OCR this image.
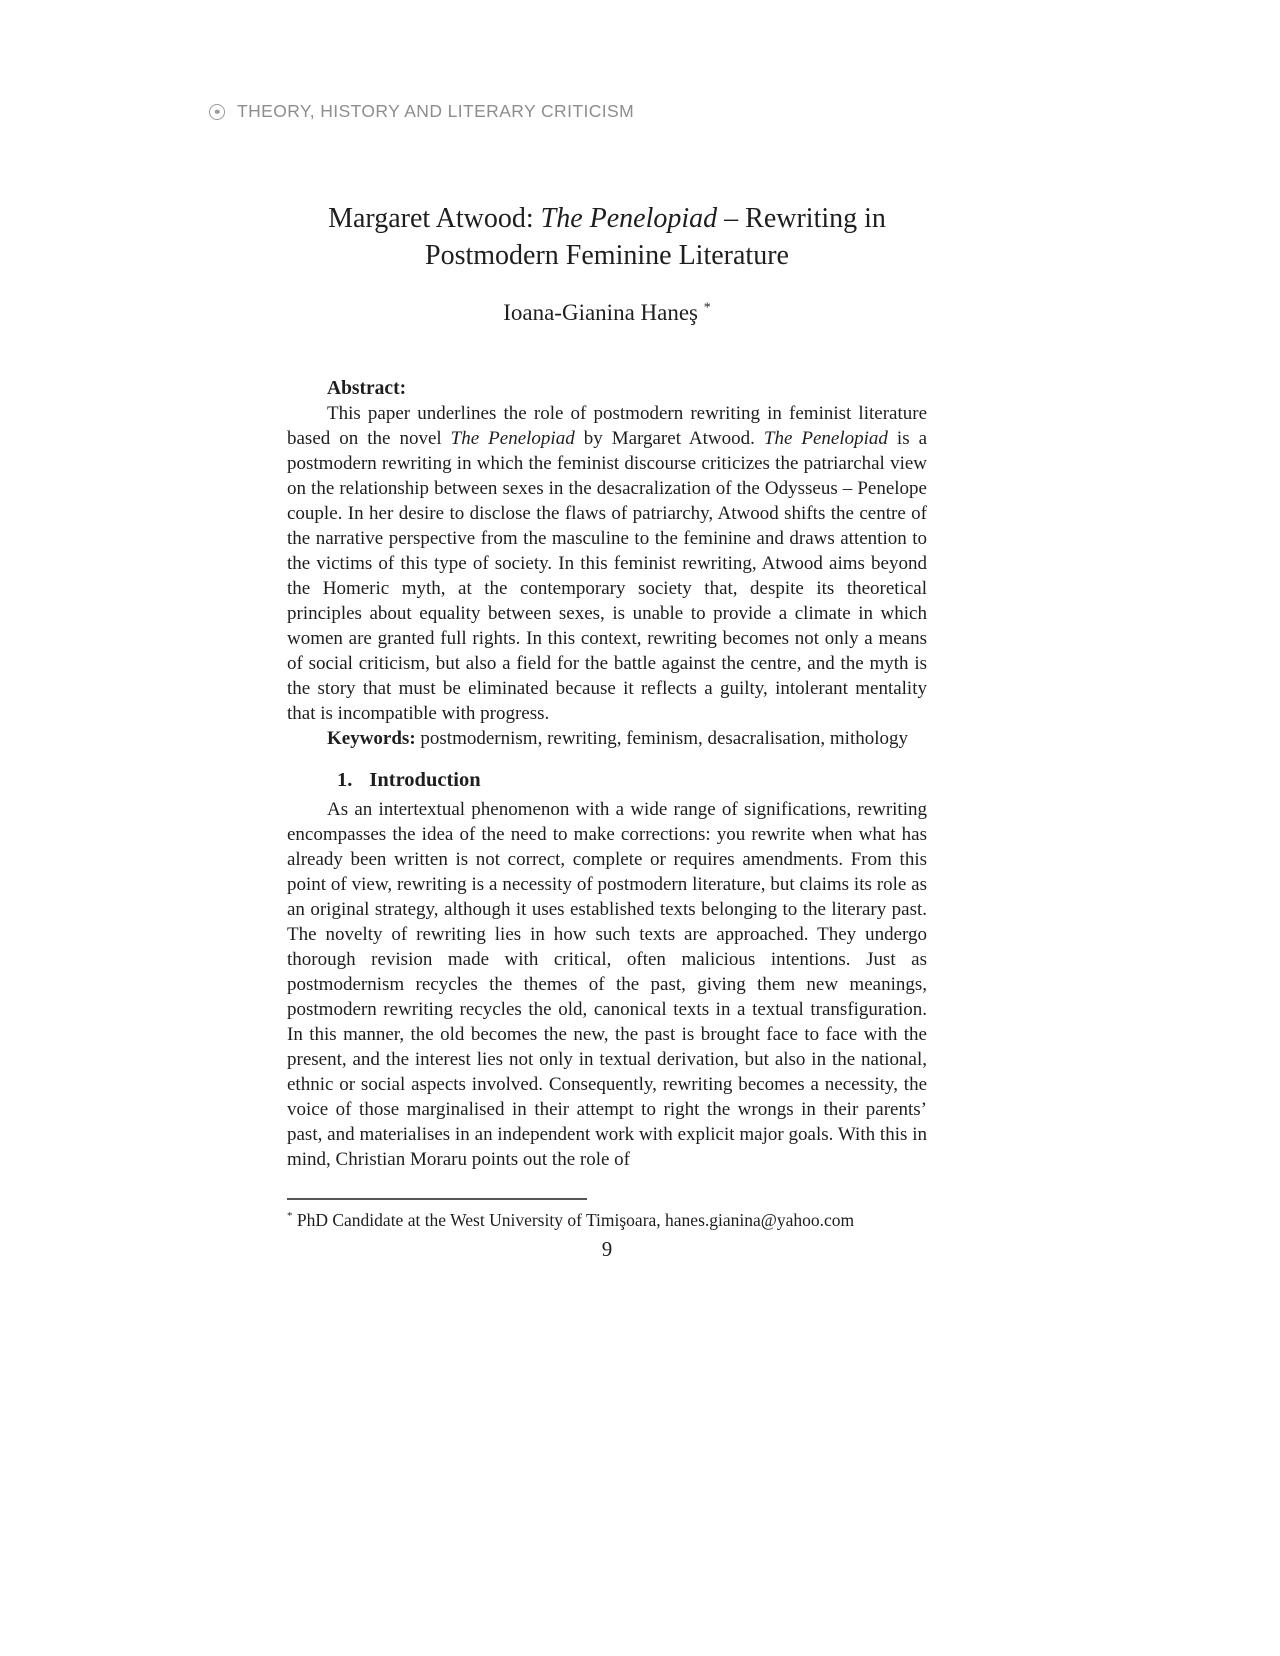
THEORY, HISTORY AND LITERARY CRITICISM
Margaret Atwood: The Penelopiad – Rewriting in Postmodern Feminine Literature
Ioana-Gianina Haneş *
Abstract:

This paper underlines the role of postmodern rewriting in feminist literature based on the novel The Penelopiad by Margaret Atwood. The Penelopiad is a postmodern rewriting in which the feminist discourse criticizes the patriarchal view on the relationship between sexes in the desacralization of the Odysseus – Penelope couple. In her desire to disclose the flaws of patriarchy, Atwood shifts the centre of the narrative perspective from the masculine to the feminine and draws attention to the victims of this type of society. In this feminist rewriting, Atwood aims beyond the Homeric myth, at the contemporary society that, despite its theoretical principles about equality between sexes, is unable to provide a climate in which women are granted full rights. In this context, rewriting becomes not only a means of social criticism, but also a field for the battle against the centre, and the myth is the story that must be eliminated because it reflects a guilty, intolerant mentality that is incompatible with progress.

Keywords: postmodernism, rewriting, feminism, desacralisation, mithology

1. Introduction

As an intertextual phenomenon with a wide range of significations, rewriting encompasses the idea of the need to make corrections: you rewrite when what has already been written is not correct, complete or requires amendments. From this point of view, rewriting is a necessity of postmodern literature, but claims its role as an original strategy, although it uses established texts belonging to the literary past. The novelty of rewriting lies in how such texts are approached. They undergo thorough revision made with critical, often malicious intentions. Just as postmodernism recycles the themes of the past, giving them new meanings, postmodern rewriting recycles the old, canonical texts in a textual transfiguration. In this manner, the old becomes the new, the past is brought face to face with the present, and the interest lies not only in textual derivation, but also in the national, ethnic or social aspects involved. Consequently, rewriting becomes a necessity, the voice of those marginalised in their attempt to right the wrongs in their parents’ past, and materialises in an independent work with explicit major goals. With this in mind, Christian Moraru points out the role of

* PhD Candidate at the West University of Timişoara, hanes.gianina@yahoo.com
9
